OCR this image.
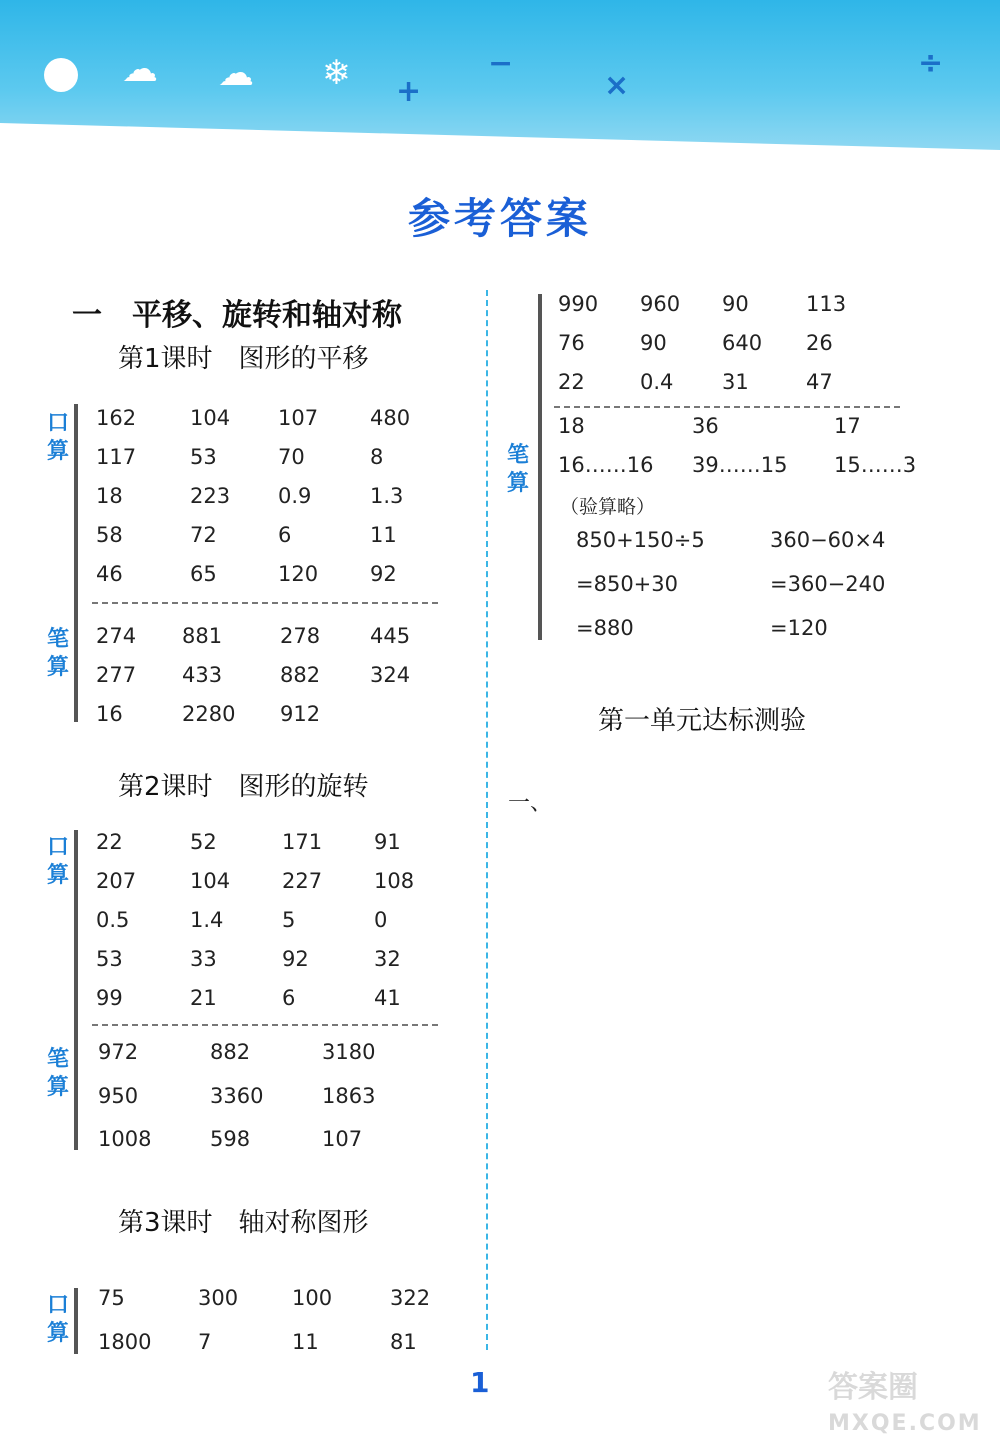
☁ ☁ ❄ +
−
×
÷
参考答案
一　平移、旋转和轴对称
第1课时　图形的平移
口算
笔算
162	104 107 480
117	53	70	8
18	223 0.9	1.3
58	72	6	11
46	65	120 92
274 881	278 445
277 433	882 324
16	2280 912
第2课时　图形的旋转
口算
笔算
22	52	171 91
207	104 227 108
0.5	1.4	5	0
53	33	92	32
99	21	6	41
972	882	3180
950	3360	1863
1008	598	107
第3课时　轴对称图形
口算
75	300	100	322
1800 7	11	81
笔算
990 960 90	113
76	90	640 26
22	0.4 31	47
18	36	17
16……16 39……15 15……3
（验算略）
850+150÷5	360−60×4
=850+30	=360−240
=880	=120
第一单元达标测验
一、
1	答案圈
MXQE.COM
